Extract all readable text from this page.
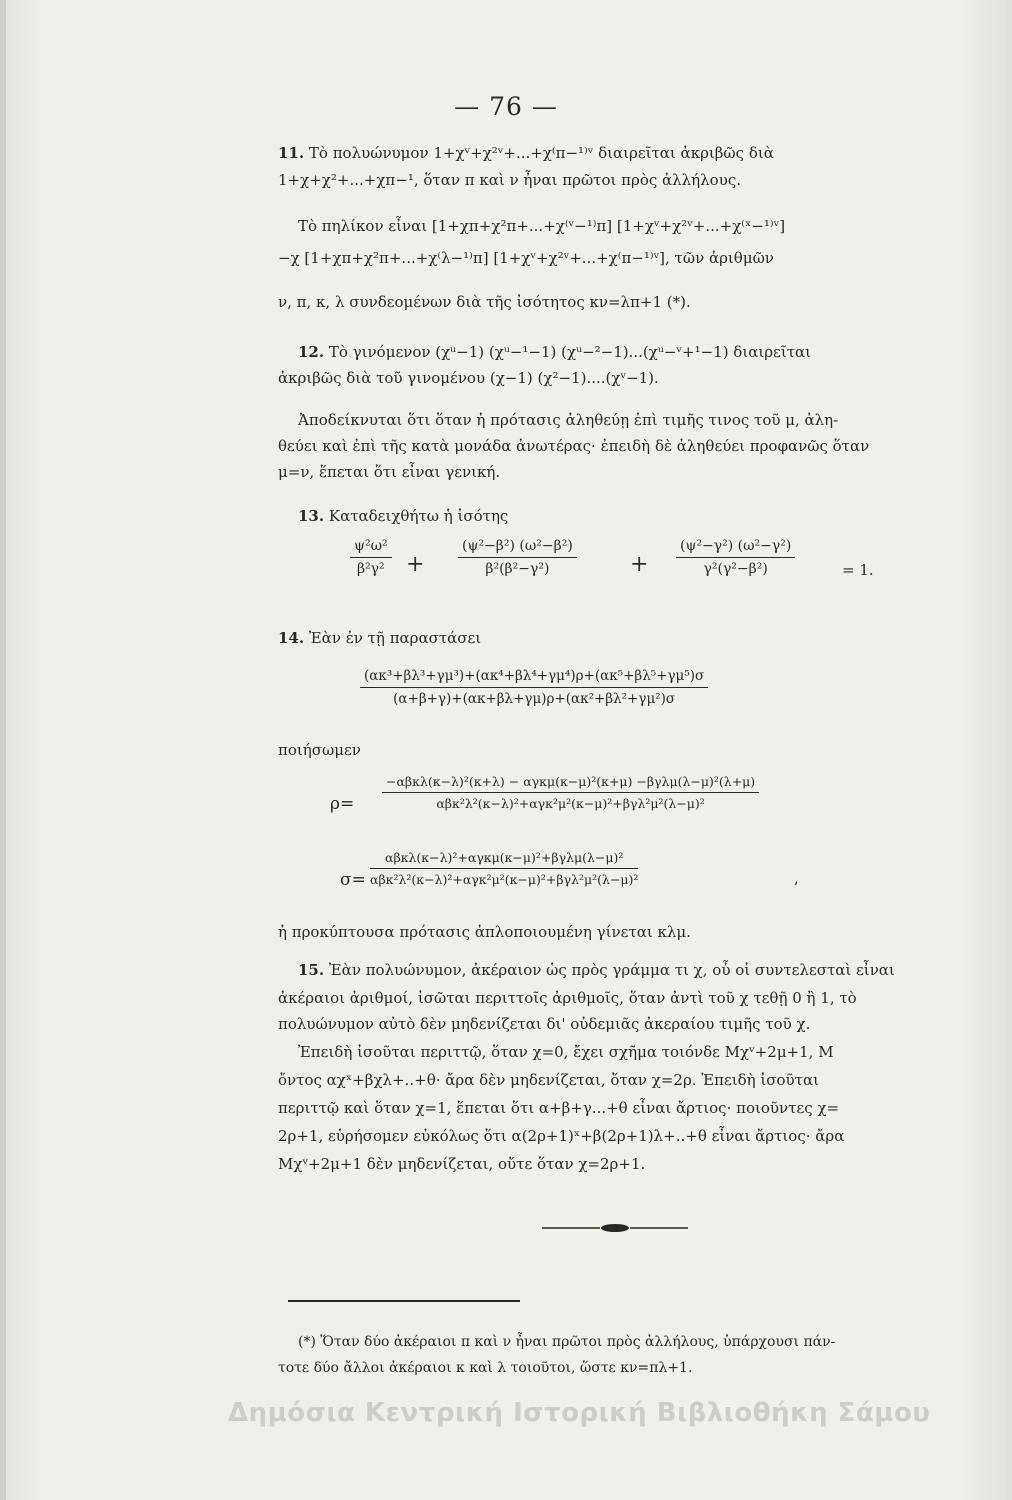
— 76 —
11. Τὸ πολυώνυμον 1+χᵛ+χ²ᵛ+...+χ⁽π−¹⁾ᵛ διαιρεῖται ἀκριβῶς διὰ
1+χ+χ²+...+χπ−¹, ὅταν π καὶ ν ἦναι πρῶτοι πρὸς ἀλλήλους.
Τὸ πηλίκον εἶναι [1+χπ+χ²π+...+χ⁽ᵛ−¹⁾π] [1+χᵛ+χ²ᵛ+...+χ⁽ˣ−¹⁾ᵛ]
−χ [1+χπ+χ²π+...+χ⁽λ−¹⁾π] [1+χᵛ+χ²ᵛ+...+χ⁽π−¹⁾ᵛ], τῶν ἀριθμῶν
ν, π, κ, λ συνδεομένων διὰ τῆς ἰσότητος κν=λπ+1 (*).
12. Τὸ γινόμενον (χᵘ−1) (χᵘ−¹−1) (χᵘ−²−1)...(χᵘ−ᵛ+¹−1) διαιρεῖται
ἀκριβῶς διὰ τοῦ γινομένου (χ−1) (χ²−1)....(χᵛ−1).
Ἀποδείκνυται ὅτι ὅταν ἡ πρότασις ἀληθεύῃ ἐπὶ τιμῆς τινος τοῦ μ, ἀλη-
θεύει καὶ ἐπὶ τῆς κατὰ μονάδα ἀνωτέρας· ἐπειδὴ δὲ ἀληθεύει προφανῶς ὅταν
μ=ν, ἕπεται ὅτι εἶναι γενική.
13. Καταδειχθήτω ἡ ἰσότης
ψ²ω²
β²γ² +
(ψ²−β²) (ω²−β²)
β²(β²−γ²)	+
(ψ²−γ²) (ω²−γ²)
γ²(γ²−β²)	= 1.
14. Ἐὰν ἐν τῇ παραστάσει
(ακ³+βλ³+γμ³)+(ακ⁴+βλ⁴+γμ⁴)ρ+(ακ⁵+βλ⁵+γμ⁵)σ
(α+β+γ)+(ακ+βλ+γμ)ρ+(ακ²+βλ²+γμ²)σ
ποιήσωμεν
ρ=
−αβκλ(κ−λ)²(κ+λ) − αγκμ(κ−μ)²(κ+μ) −βγλμ(λ−μ)²(λ+μ)
αβκ²λ²(κ−λ)²+αγκ²μ²(κ−μ)²+βγλ²μ²(λ−μ)²
σ=
αβκλ(κ−λ)²+αγκμ(κ−μ)²+βγλμ(λ−μ)²
αβκ²λ²(κ−λ)²+αγκ²μ²(κ−μ)²+βγλ²μ²(λ−μ)²	,
ἡ προκύπτουσα πρότασις ἀπλοποιουμένη γίνεται κλμ.
15. Ἐὰν πολυώνυμον, ἀκέραιον ὡς πρὸς γράμμα τι χ, οὗ οἱ συντελεσταὶ εἶναι
ἀκέραιοι ἀριθμοί, ἰσῶται περιττοῖς ἀριθμοῖς, ὅταν ἀντὶ τοῦ χ τεθῇ 0 ἢ 1, τὸ
πολυώνυμον αὐτὸ δὲν μηδενίζεται δι' οὐδεμιᾶς ἀκεραίου τιμῆς τοῦ χ.
Ἐπειδὴ ἰσοῦται περιττῷ, ὅταν χ=0, ἔχει σχῆμα τοιόνδε Mχᵛ+2μ+1, Μ
ὄντος αχˣ+βχλ+..+θ· ἄρα δὲν μηδενίζεται, ὅταν χ=2ρ. Ἐπειδὴ ἰσοῦται
περιττῷ καὶ ὅταν χ=1, ἕπεται ὅτι α+β+γ...+θ εἶναι ἄρτιος· ποιοῦντες χ=
2ρ+1, εὑρήσομεν εὐκόλως ὅτι α(2ρ+1)ˣ+β(2ρ+1)λ+..+θ εἶναι ἄρτιος· ἄρα
Mχᵛ+2μ+1 δὲν μηδενίζεται, οὔτε ὅταν χ=2ρ+1.
(*) Ὅταν δύο ἀκέραιοι π καὶ ν ἦναι πρῶτοι πρὸς ἀλλήλους, ὑπάρχουσι πάν-
τοτε δύο ἄλλοι ἀκέραιοι κ καὶ λ τοιοῦτοι, ὥστε κν=πλ+1.
Δημόσια Κεντρική Ιστορική Βιβλιοθήκη Σάμου
